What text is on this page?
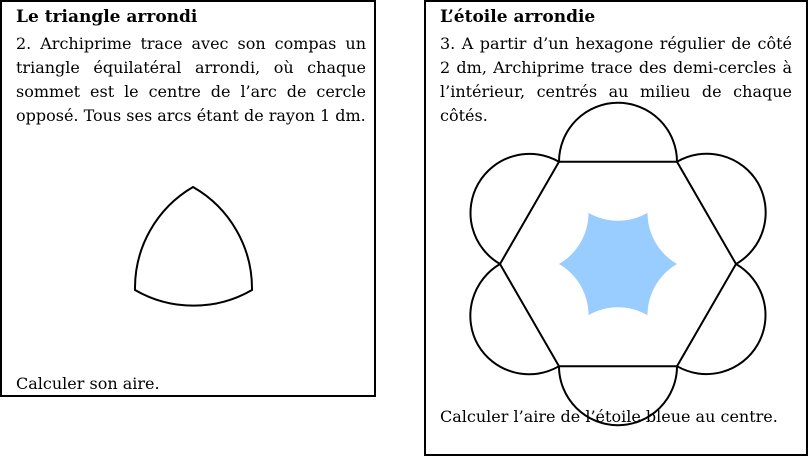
Le triangle arrondi
2. Archiprime trace avec son compas un triangle équilatéral arrondi, où chaque sommet est le centre de l’arc de cercle opposé. Tous ses arcs étant de rayon 1 dm.
Calculer son aire.
L’étoile arrondie
3. A partir d’un hexagone régulier de côté 2 dm, Archiprime trace des demi-cercles à l’intérieur, centrés au milieu de chaque côtés.
Calculer l’aire de l’étoile bleue au centre.
